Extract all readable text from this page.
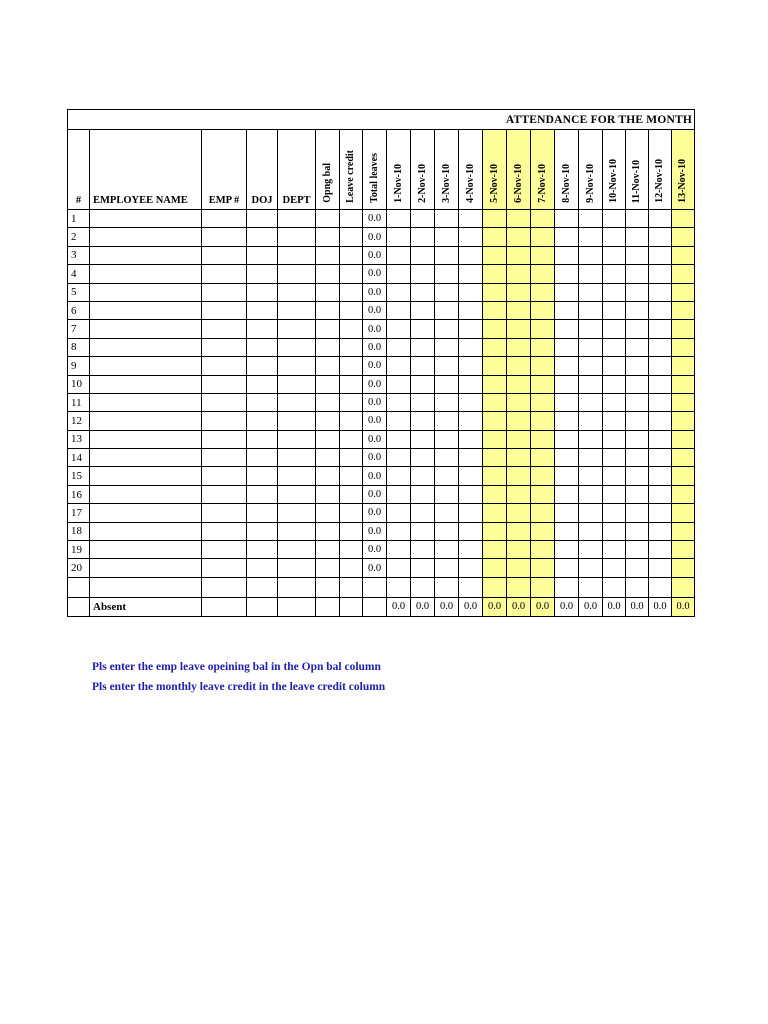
ATTENDANCE FOR THE MONTH																				
#	EMPLOYEE NAME	EMP #	DOJ	DEPT	Opng bal	Leave credit	Total leaves	1-Nov-10	2-Nov-10	3-Nov-10	4-Nov-10	5-Nov-10	6-Nov-10	7-Nov-10	8-Nov-10	9-Nov-10	10-Nov-10	11-Nov-10	12-Nov-10	13-Nov-10
1							0.0													
2							0.0													
3							0.0													
4							0.0													
5							0.0													
6							0.0													
7							0.0													
8							0.0													
9							0.0													
10							0.0													
11							0.0													
12							0.0													
13							0.0													
14							0.0													
15							0.0													
16							0.0													
17							0.0													
18							0.0													
19							0.0													
20							0.0													

	Absent							0.0	0.0	0.0	0.0	0.0	0.0	0.0	0.0	0.0	0.0	0.0	0.0	0.0
Pls enter the emp leave opeining bal in the Opn bal column
Pls enter the monthly leave credit in the leave credit column
